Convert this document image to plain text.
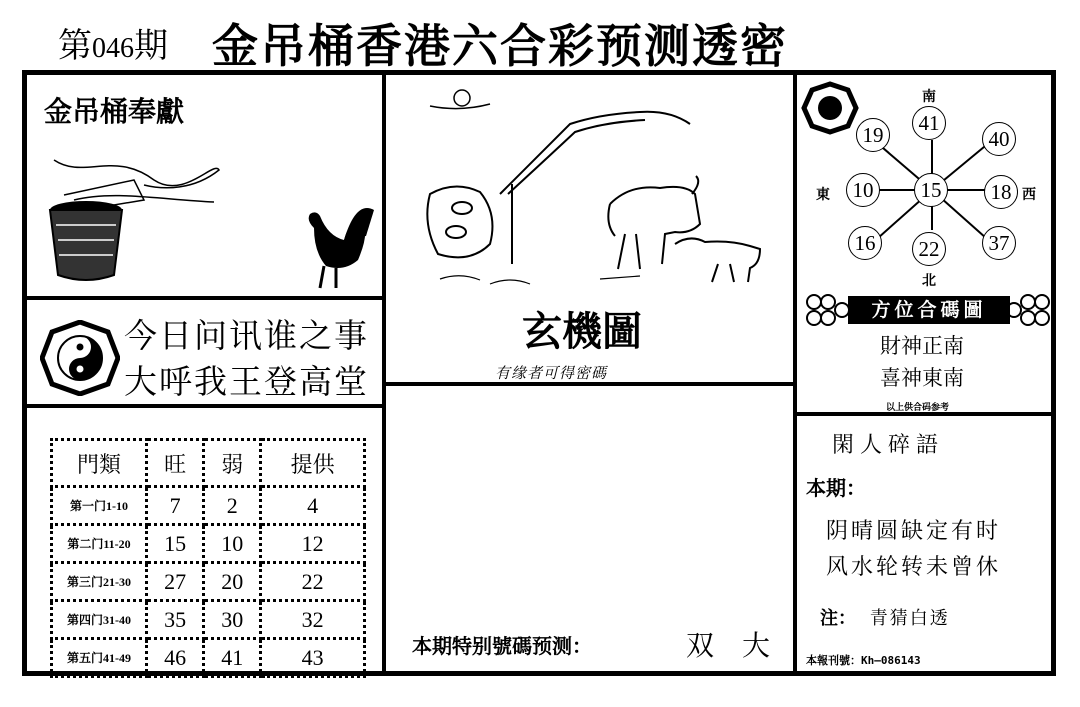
第046期 金吊桶香港六合彩预测透密
金吊桶奉獻
今日问讯谁之事
大呼我王登高堂
門類	旺	弱	提供
第一门1-10	7	2	4
第二门11-20	15	10	12
第三门21-30	27	20	22
第四门31-40	35	30	32
第五门41-49	46	41	43
玄機圖
有缘者可得密碼
本期特别號碼预测：	双大
南
北
東	西
15
41
40
19
10	18
16	22	37
方位合碼圖
財神正南
喜神東南
以上供合码参考
閑人碎語
本期：
阴晴圆缺定有时
风水轮转未曾休
注： 青猜白透
本報刊號：Kh—086143
